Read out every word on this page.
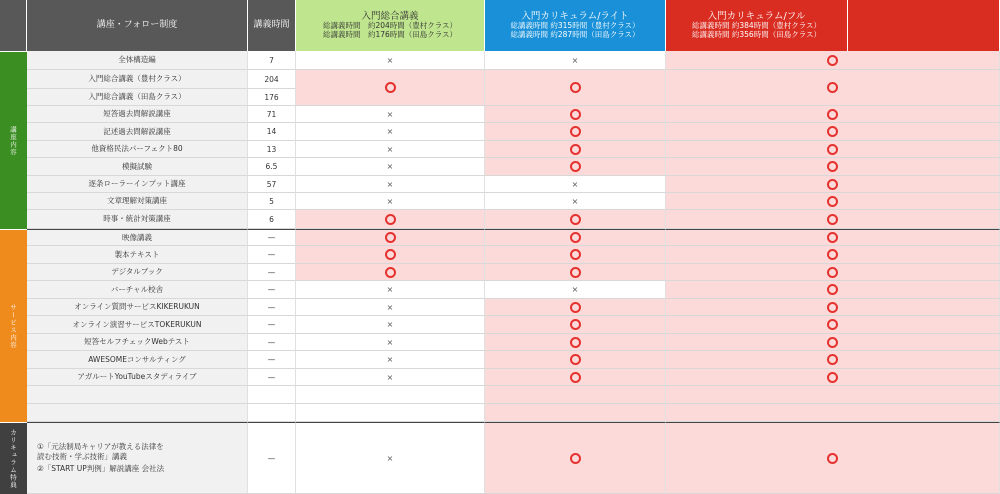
講座・フォロー制度	講義時間
入門総合講義
総講義時間　約204時間（豊村クラス）
総講義時間　約176時間（田島クラス）
入門カリキュラム/ライト
総講義時間 約315時間（豊村クラス）
総講義時間 約287時間（田島クラス）
入門カリキュラム/フル
総講義時間 約384時間（豊村クラス）
総講義時間 約356時間（田島クラス）
講座内容
サービス内容
カリキュラム特典
全体構造編
入門総合講義（豊村クラス）
入門総合講義（田島クラス）
短答過去問解説講座
記述過去問解説講座
他資格民法パーフェクト80
模擬試験
逐条ローラーインプット講座
文章理解対策講座
時事・統計対策講座
映像講義
製本テキスト
デジタルブック
バーチャル校舎
オンライン質問サービスKIKERUKUN
オンライン演習サービスTOKERUKUN
短答セルフチェックWebテスト
AWESOMEコンサルティング
アガルートYouTubeスタディライブ
①「元法制局キャリアが教える法律を
読む技術・学ぶ技術」講義
②「START UP判例」解説講座 会社法
7
204
176
71
14
13
6.5
57
5
6
—
—
—
—
—
—
—
—
—
—
×
×
×
×
×
×
×
×
×
×
×
×
×
×
×
×
×
×
